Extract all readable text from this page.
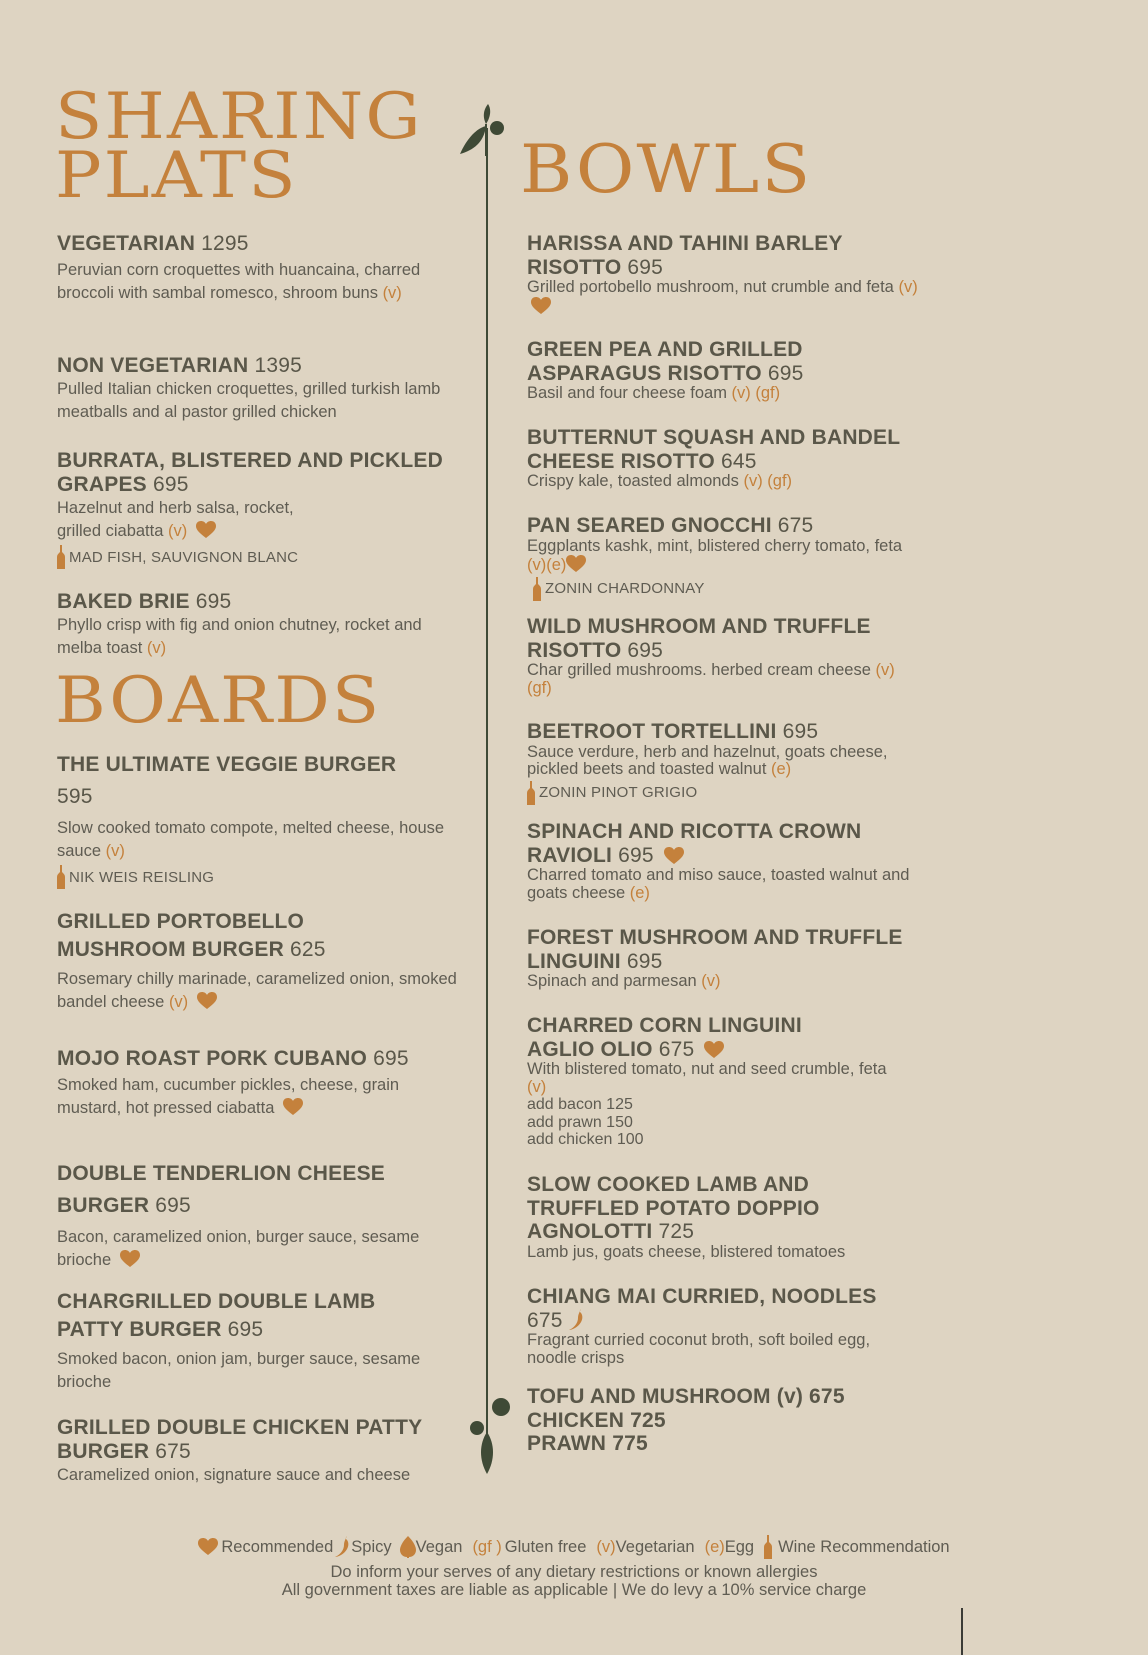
SHARING
PLATS	BOWLS
BOARDS
VEGETARIAN 1295
Peruvian corn croquettes with huancaina, charred broccoli with sambal romesco, shroom buns (v)
NON VEGETARIAN 1395
Pulled Italian chicken croquettes, grilled turkish lamb meatballs and al pastor grilled chicken
BURRATA, BLISTERED AND PICKLED GRAPES 695
Hazelnut and herb salsa, rocket, grilled ciabatta (v)
MAD FISH, SAUVIGNON BLANC
BAKED BRIE 695
Phyllo crisp with fig and onion chutney, rocket and melba toast (v)
THE ULTIMATE VEGGIE BURGER
595
Slow cooked tomato compote, melted cheese, house sauce (v)
NIK WEIS REISLING
GRILLED PORTOBELLO MUSHROOM BURGER 625
Rosemary chilly marinade, caramelized onion, smoked bandel cheese (v)
MOJO ROAST PORK CUBANO 695
Smoked ham, cucumber pickles, cheese, grain mustard, hot pressed ciabatta
DOUBLE TENDERLION CHEESE BURGER 695
Bacon, caramelized onion, burger sauce, sesame brioche
CHARGRILLED DOUBLE LAMB PATTY BURGER 695
Smoked bacon, onion jam, burger sauce, sesame brioche
GRILLED DOUBLE CHICKEN PATTY BURGER 675
Caramelized onion, signature sauce and cheese
HARISSA AND TAHINI BARLEY RISOTTO 695
Grilled portobello mushroom, nut crumble and feta (v)
GREEN PEA AND GRILLED ASPARAGUS RISOTTO 695
Basil and four cheese foam (v) (gf)
BUTTERNUT SQUASH AND BANDEL CHEESE RISOTTO 645
Crispy kale, toasted almonds (v) (gf)
PAN SEARED GNOCCHI 675
Eggplants kashk, mint, blistered cherry tomato, feta (v)(e)
ZONIN CHARDONNAY
WILD MUSHROOM AND TRUFFLE RISOTTO 695
Char grilled mushrooms. herbed cream cheese (v) (gf)
BEETROOT TORTELLINI 695
Sauce verdure, herb and hazelnut, goats cheese, pickled beets and toasted walnut (e)
ZONIN PINOT GRIGIO
SPINACH AND RICOTTA CROWN RAVIOLI 695
Charred tomato and miso sauce, toasted walnut and goats cheese (e)
FOREST MUSHROOM AND TRUFFLE LINGUINI 695
Spinach and parmesan (v)
CHARRED CORN LINGUINI AGLIO OLIO 675
With blistered tomato, nut and seed crumble, feta (v)
add bacon 125
add prawn 150
add chicken 100
SLOW COOKED LAMB AND TRUFFLED POTATO DOPPIO AGNOLOTTI 725
Lamb jus, goats cheese, blistered tomatoes
CHIANG MAI CURRIED, NOODLES 675
Fragrant curried coconut broth, soft boiled egg, noodle crisps
TOFU AND MUSHROOM (v) 675
CHICKEN 725
PRAWN 775
Recommended Spicy Vegan (gf ) Gluten free (v) Vegetarian (e) Egg Wine Recommendation
Do inform your serves of any dietary restrictions or known allergies
All government taxes are liable as applicable | We do levy a 10% service charge
